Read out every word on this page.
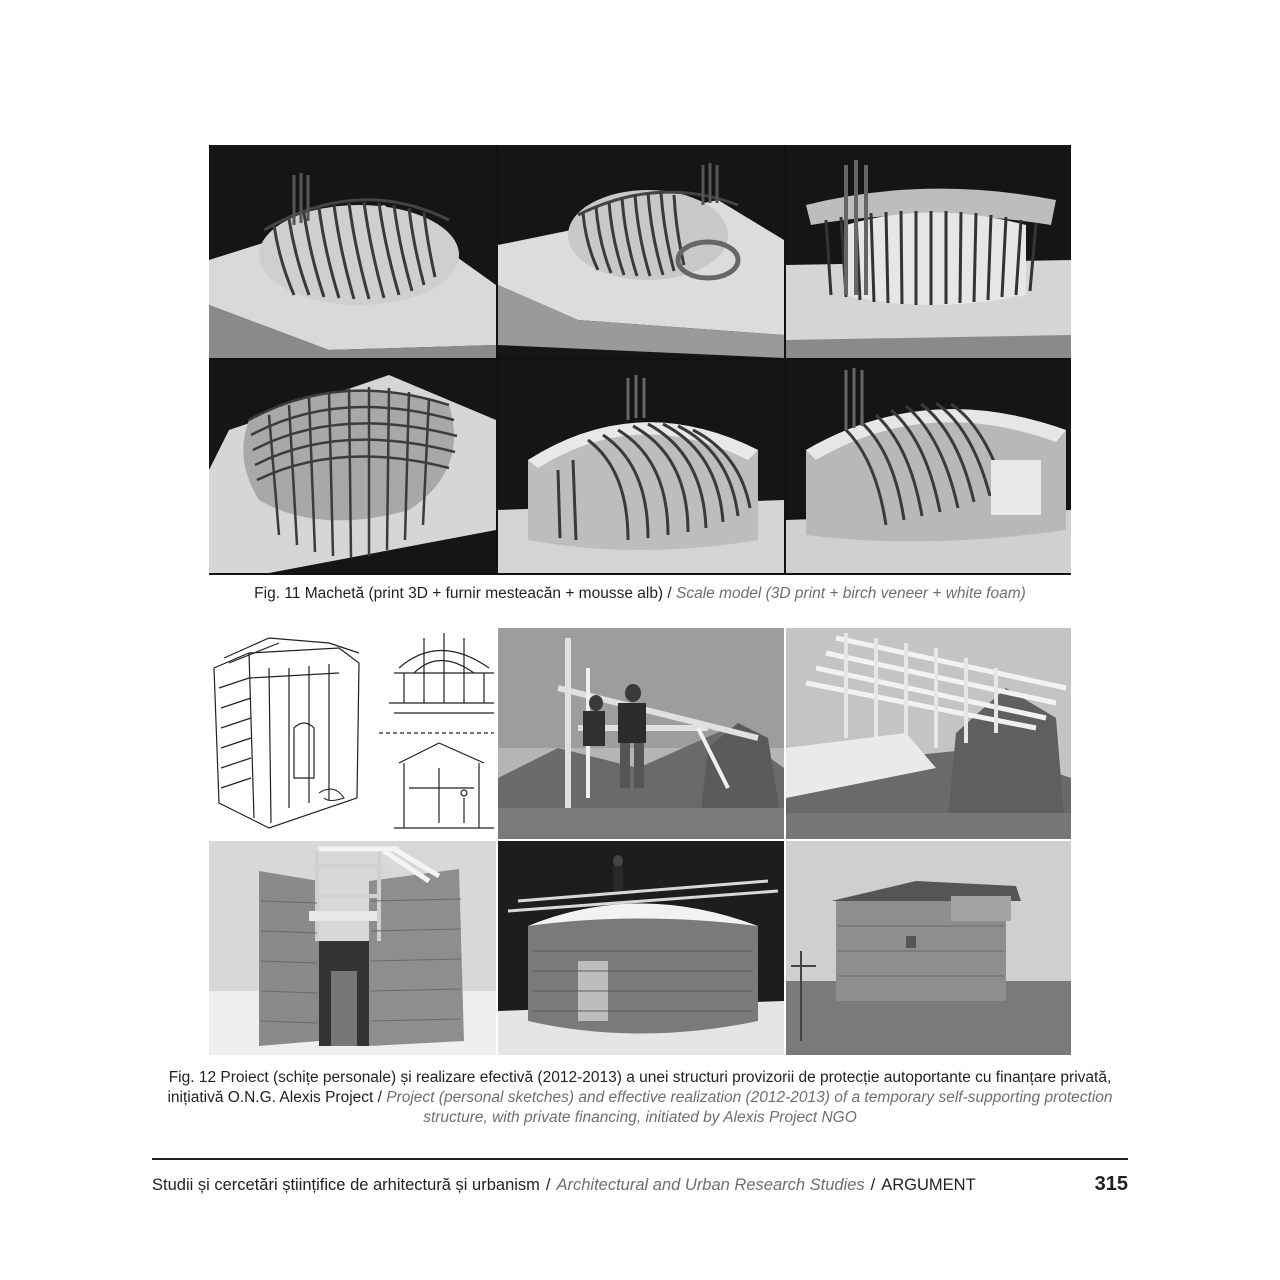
Fig. 11 Machetă (print 3D + furnir mesteacăn + mousse alb) / Scale model (3D print + birch veneer + white foam)
Fig. 12 Proiect (schițe personale) și realizare efectivă (2012-2013) a unei structuri provizorii de protecție autoportante cu finanțare privată, inițiativă O.N.G. Alexis Project / Project (personal sketches) and effective realization (2012-2013) of a temporary self-supporting protection structure, with private financing, initiated by Alexis Project NGO
Studii și cercetări științifice de arhitectură și urbanism / Architectural and Urban Research Studies / ARGUMENT	315
